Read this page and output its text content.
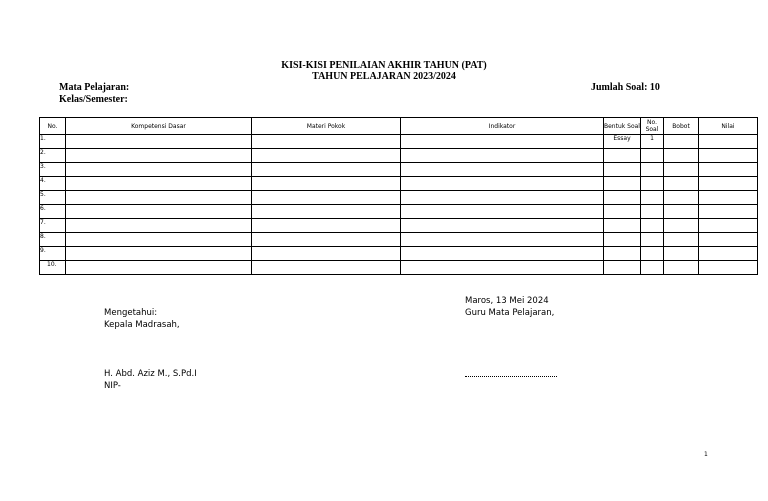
KISI-KISI PENILAIAN AKHIR TAHUN (PAT)
TAHUN PELAJARAN 2023/2024
Mata Pelajaran:
Kelas/Semester:
Jumlah Soal: 10
No.	Kompetensi Dasar	Materi Pokok	Indikator	Bentuk Soal	No. Soal	Bobot	Nilai
1.				Essay	1		
2.							
3.							
4.							
5.							
6.							
7.							
8.							
9.							
10.							
Maros, 13 Mei 2024
Mengetahui:	Guru Mata Pelajaran,
Kepala Madrasah,
H. Abd. Aziz M., S.Pd.I
NIP-
1
